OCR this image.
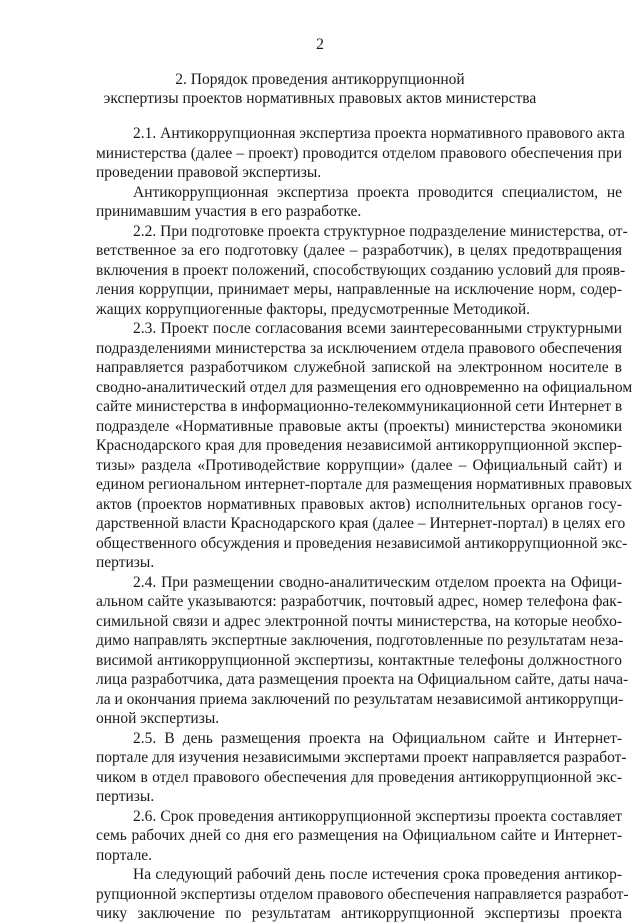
2
2. Порядок проведения антикоррупционной
экспертизы проектов нормативных правовых актов министерства
2.1. Антикоррупционная экспертиза проекта нормативного правового акта
министерства (далее – проект) проводится отделом правового обеспечения при
проведении правовой экспертизы.
Антикоррупционная экспертиза проекта проводится специалистом, не
принимавшим участия в его разработке.
2.2. При подготовке проекта структурное подразделение министерства, от-
ветственное за его подготовку (далее – разработчик), в целях предотвращения
включения в проект положений, способствующих созданию условий для прояв-
ления коррупции, принимает меры, направленные на исключение норм, содер-
жащих коррупциогенные факторы, предусмотренные Методикой.
2.3. Проект после согласования всеми заинтересованными структурными
подразделениями министерства за исключением отдела правового обеспечения
направляется разработчиком служебной запиской на электронном носителе в
сводно-аналитический отдел для размещения его одновременно на официальном
сайте министерства в информационно-телекоммуникационной сети Интернет в
подразделе «Нормативные правовые акты (проекты) министерства экономики
Краснодарского края для проведения независимой антикоррупционной экспер-
тизы» раздела «Противодействие коррупции» (далее – Официальный сайт) и
едином региональном интернет-портале для размещения нормативных правовых
актов (проектов нормативных правовых актов) исполнительных органов госу-
дарственной власти Краснодарского края (далее – Интернет-портал) в целях его
общественного обсуждения и проведения независимой антикоррупционной экс-
пертизы.
2.4. При размещении сводно-аналитическим отделом проекта на Офици-
альном сайте указываются: разработчик, почтовый адрес, номер телефона фак-
симильной связи и адрес электронной почты министерства, на которые необхо-
димо направлять экспертные заключения, подготовленные по результатам неза-
висимой антикоррупционной экспертизы, контактные телефоны должностного
лица разработчика, дата размещения проекта на Официальном сайте, даты нача-
ла и окончания приема заключений по результатам независимой антикоррупци-
онной экспертизы.
2.5. В день размещения проекта на Официальном сайте и Интернет-
портале для изучения независимыми экспертами проект направляется разработ-
чиком в отдел правового обеспечения для проведения антикоррупционной экс-
пертизы.
2.6. Срок проведения антикоррупционной экспертизы проекта составляет
семь рабочих дней со дня его размещения на Официальном сайте и Интернет-
портале.
На следующий рабочий день после истечения срока проведения антикор-
рупционной экспертизы отделом правового обеспечения направляется разработ-
чику заключение по результатам антикоррупционной экспертизы проекта
